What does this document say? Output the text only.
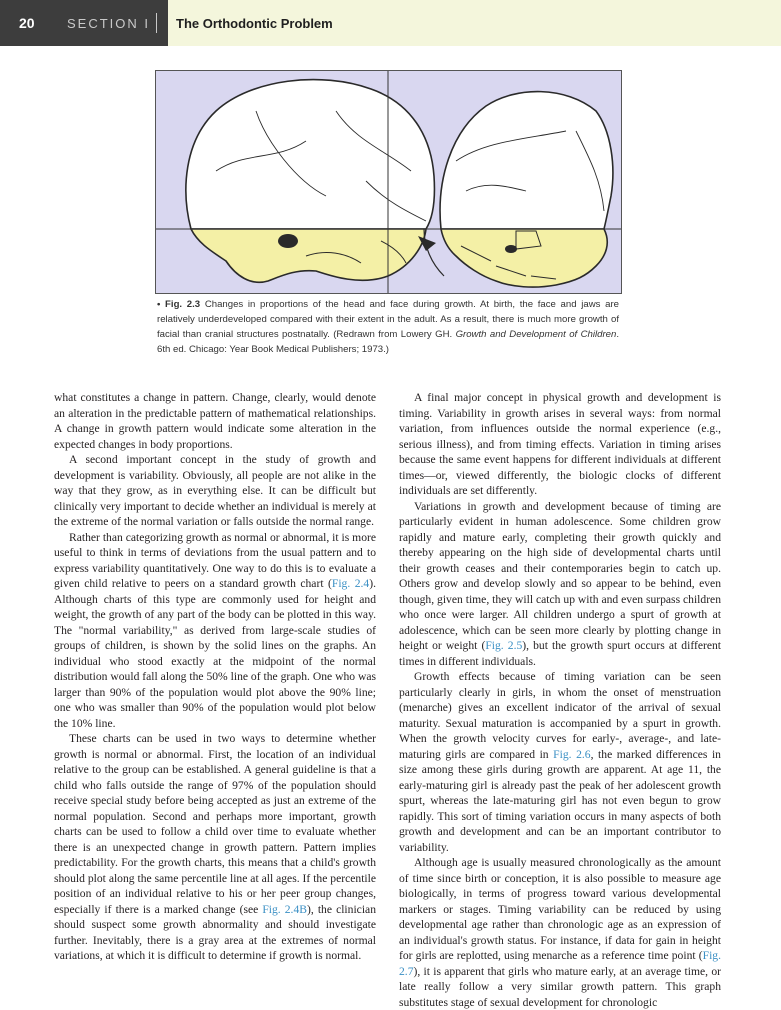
20	SECTION I	The Orthodontic Problem
• Fig. 2.3 Changes in proportions of the head and face during growth. At birth, the face and jaws are relatively underdeveloped compared with their extent in the adult. As a result, there is much more growth of facial than cranial structures postnatally. (Redrawn from Lowery GH. Growth and Development of Children. 6th ed. Chicago: Year Book Medical Publishers; 1973.)

what constitutes a change in pattern. Change, clearly, would denote an alteration in the predictable pattern of mathematical relationships. A change in growth pattern would indicate some alteration in the expected changes in body proportions.

A second important concept in the study of growth and development is variability. Obviously, all people are not alike in the way that they grow, as in everything else. It can be difficult but clinically very important to decide whether an individual is merely at the extreme of the normal variation or falls outside the normal range.

Rather than categorizing growth as normal or abnormal, it is more useful to think in terms of deviations from the usual pattern and to express variability quantitatively. One way to do this is to evaluate a given child relative to peers on a standard growth chart (Fig. 2.4). Although charts of this type are commonly used for height and weight, the growth of any part of the body can be plotted in this way. The "normal variability," as derived from large-scale studies of groups of children, is shown by the solid lines on the graphs. An individual who stood exactly at the midpoint of the normal distribution would fall along the 50% line of the graph. One who was larger than 90% of the population would plot above the 90% line; one who was smaller than 90% of the population would plot below the 10% line.

These charts can be used in two ways to determine whether growth is normal or abnormal. First, the location of an individual relative to the group can be established. A general guideline is that a child who falls outside the range of 97% of the population should receive special study before being accepted as just an extreme of the normal population. Second and perhaps more important, growth charts can be used to follow a child over time to evaluate whether there is an unexpected change in growth pattern. Pattern implies predictability. For the growth charts, this means that a child's growth should plot along the same percentile line at all ages. If the percentile position of an individual relative to his or her peer group changes, especially if there is a marked change (see Fig. 2.4B), the clinician should suspect some growth abnormality and should investigate further. Inevitably, there is a gray area at the extremes of normal variations, at which it is difficult to determine if growth is normal.

A final major concept in physical growth and development is timing. Variability in growth arises in several ways: from normal variation, from influences outside the normal experience (e.g., serious illness), and from timing effects. Variation in timing arises because the same event happens for different individuals at different times—or, viewed differently, the biologic clocks of different individuals are set differently.

Variations in growth and development because of timing are particularly evident in human adolescence. Some children grow rapidly and mature early, completing their growth quickly and thereby appearing on the high side of developmental charts until their growth ceases and their contemporaries begin to catch up. Others grow and develop slowly and so appear to be behind, even though, given time, they will catch up with and even surpass children who once were larger. All children undergo a spurt of growth at adolescence, which can be seen more clearly by plotting change in height or weight (Fig. 2.5), but the growth spurt occurs at different times in different individuals.

Growth effects because of timing variation can be seen particularly clearly in girls, in whom the onset of menstruation (menarche) gives an excellent indicator of the arrival of sexual maturity. Sexual maturation is accompanied by a spurt in growth. When the growth velocity curves for early-, average-, and late-maturing girls are compared in Fig. 2.6, the marked differences in size among these girls during growth are apparent. At age 11, the early-maturing girl is already past the peak of her adolescent growth spurt, whereas the late-maturing girl has not even begun to grow rapidly. This sort of timing variation occurs in many aspects of both growth and development and can be an important contributor to variability.

Although age is usually measured chronologically as the amount of time since birth or conception, it is also possible to measure age biologically, in terms of progress toward various developmental markers or stages. Timing variability can be reduced by using developmental age rather than chronologic age as an expression of an individual's growth status. For instance, if data for gain in height for girls are replotted, using menarche as a reference time point (Fig. 2.7), it is apparent that girls who mature early, at an average time, or late really follow a very similar growth pattern. This graph substitutes stage of sexual development for chronologic
